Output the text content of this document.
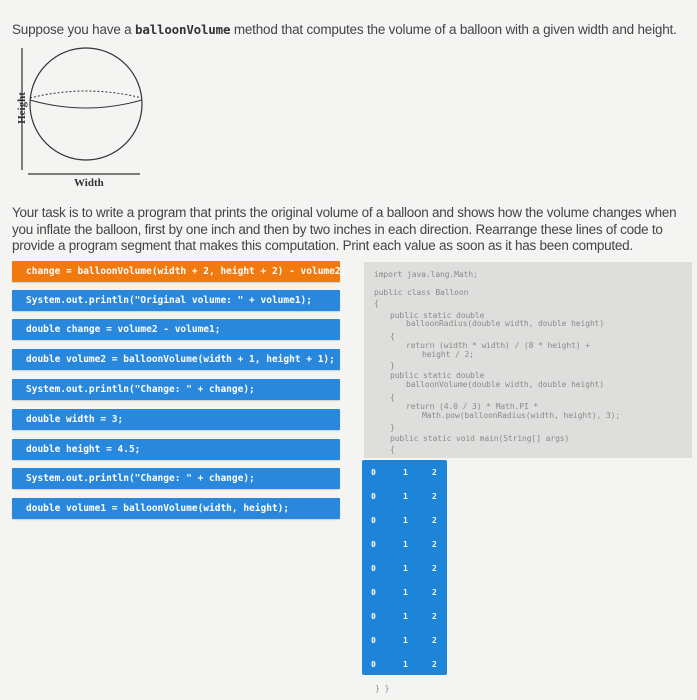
Suppose you have a balloonVolume method that computes the volume of a balloon with a given width and height.
Height
Width
Your task is to write a program that prints the original volume of a balloon and shows how the volume changes when you inflate the balloon, first by one inch and then by two inches in each direction. Rearrange these lines of code to provide a program segment that makes this computation. Print each value as soon as it has been computed.
change = balloonVolume(width + 2, height + 2) - volume2;
System.out.println("Original volume: " + volume1);
double change = volume2 - volume1;
double volume2 = balloonVolume(width + 1, height + 1);
System.out.println("Change: " + change);
double width = 3;
double height = 4.5;
System.out.println("Change: " + change);
double volume1 = balloonVolume(width, height);
import java.lang.Math;
public class Balloon
{
public static double
balloonRadius(double width, double height)
{
return (width * width) / (8 * height) +
height / 2;
}
public static double
balloonVolume(double width, double height)
{
return (4.0 / 3) * Math.PI *
Math.pow(balloonRadius(width, height), 3);
}
public static void main(String[] args)
{
0	1	2
0	1	2
0	1	2
0	1	2
0	1	2
0	1	2
0	1	2
0	1	2
0	1	2
} }
